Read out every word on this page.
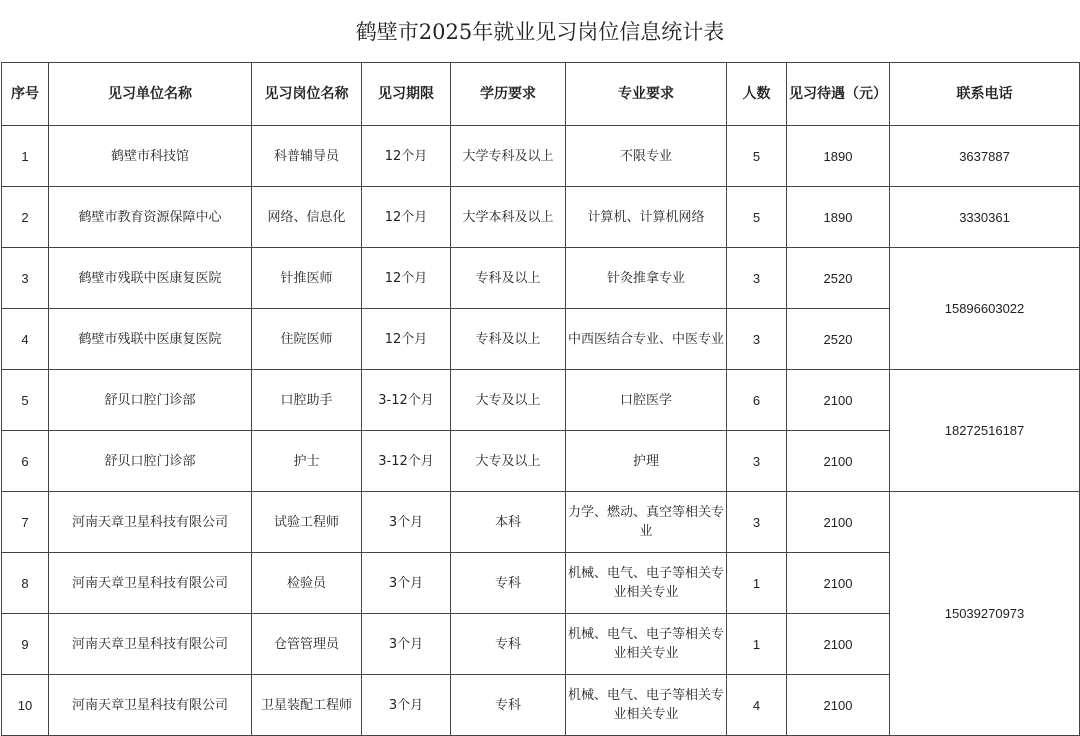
鹤壁市2025年就业见习岗位信息统计表
序号	见习单位名称	见习岗位名称	见习期限	学历要求	专业要求	人数	见习待遇（元）	联系电话
1	鹤壁市科技馆	科普辅导员	12个月	大学专科及以上	不限专业	5	1890	3637887
2	鹤壁市教育资源保障中心	网络、信息化	12个月	大学本科及以上	计算机、计算机网络	5	1890	3330361
3	鹤壁市残联中医康复医院	针推医师	12个月	专科及以上	针灸推拿专业	3	2520	15896603022
4	鹤壁市残联中医康复医院	住院医师	12个月	专科及以上	中西医结合专业、中医专业	3	2520	
5	舒贝口腔门诊部	口腔助手	3-12个月	大专及以上	口腔医学	6	2100	18272516187
6	舒贝口腔门诊部	护士	3-12个月	大专及以上	护理	3	2100	
7	河南天章卫星科技有限公司	试验工程师	3个月	本科	力学、燃动、真空等相关专业	3	2100	15039270973
8	河南天章卫星科技有限公司	检验员	3个月	专科	机械、电气、电子等相关专业相关专业	1	2100	
9	河南天章卫星科技有限公司	仓管管理员	3个月	专科	机械、电气、电子等相关专业相关专业	1	2100	
10	河南天章卫星科技有限公司	卫星装配工程师	3个月	专科	机械、电气、电子等相关专业相关专业	4	2100	
